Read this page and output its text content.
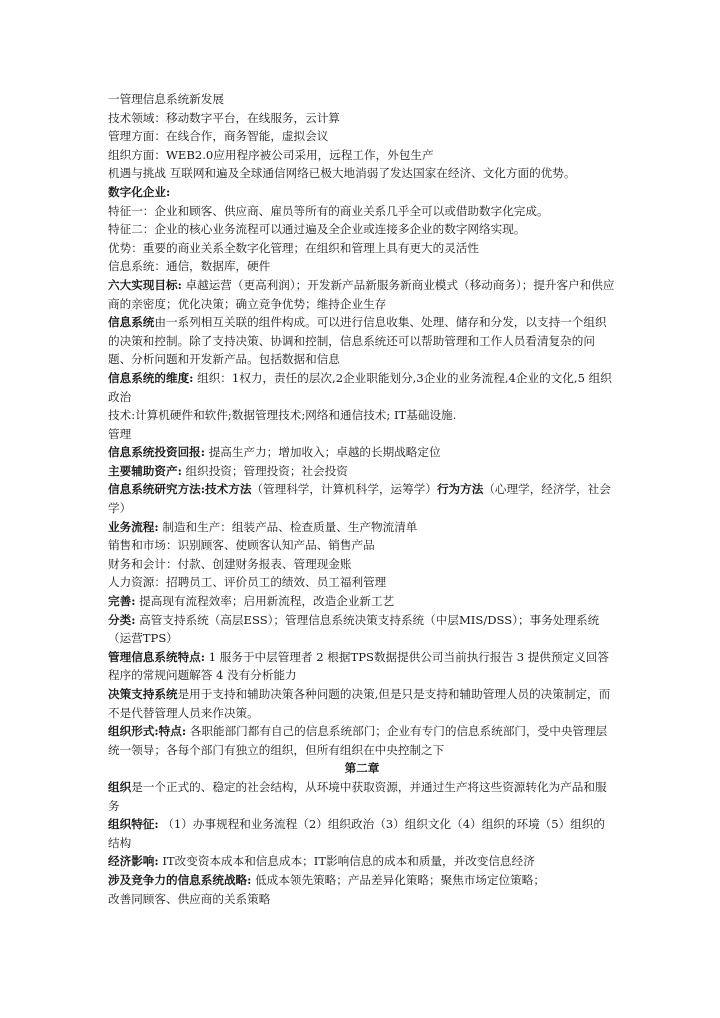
一管理信息系统新发展
技术领域：移动数字平台，在线服务，云计算
管理方面：在线合作，商务智能，虚拟会议
组织方面：WEB2.0应用程序被公司采用，远程工作，外包生产
机遇与挑战 互联网和遍及全球通信网络已极大地消弱了发达国家在经济、文化方面的优势。
数字化企业:
特征一：企业和顾客、供应商、雇员等所有的商业关系几乎全可以或借助数字化完成。
特征二：企业的核心业务流程可以通过遍及全企业或连接多企业的数字网络实现。
优势：重要的商业关系全数字化管理；在组织和管理上具有更大的灵活性
信息系统：通信，数据库，硬件
六大实现目标: 卓越运营（更高利润）；开发新产品新服务新商业模式（移动商务）；提升客户和供应商的亲密度；优化决策；确立竞争优势；维持企业生存
信息系统由一系列相互关联的组件构成。可以进行信息收集、处理、储存和分发，以支持一个组织的决策和控制。除了支持决策、协调和控制，信息系统还可以帮助管理和工作人员看清复杂的问题、分析问题和开发新产品。包括数据和信息
信息系统的维度: 组织：1权力，责任的层次,2企业职能划分,3企业的业务流程,4企业的文化,5 组织政治
技术:计算机硬件和软件;数据管理技术;网络和通信技术; IT基础设施.
管理
信息系统投资回报: 提高生产力；增加收入；卓越的长期战略定位
主要辅助资产: 组织投资；管理投资；社会投资
信息系统研究方法:技术方法（管理科学，计算机科学，运筹学）行为方法（心理学，经济学，社会学）
业务流程: 制造和生产：组装产品、检查质量、生产物流清单
销售和市场：识别顾客、使顾客认知产品、销售产品
财务和会计：付款、创建财务报表、管理现金账
人力资源：招聘员工、评价员工的绩效、员工福利管理
完善: 提高现有流程效率；启用新流程，改造企业新工艺
分类: 高管支持系统（高层ESS）；管理信息系统决策支持系统（中层MIS/DSS）；事务处理系统（运营TPS）
管理信息系统特点: 1 服务于中层管理者 2 根据TPS数据提供公司当前执行报告 3 提供预定义回答程序的常规问题解答 4 没有分析能力
决策支持系统是用于支持和辅助决策各种问题的决策,但是只是支持和辅助管理人员的决策制定，而不是代替管理人员来作决策。
组织形式:特点: 各职能部门都有自己的信息系统部门；企业有专门的信息系统部门，受中央管理层统一领导；各每个部门有独立的组织，但所有组织在中央控制之下
第二章
组织是一个正式的、稳定的社会结构，从环境中获取资源，并通过生产将这些资源转化为产品和服务
组织特征: （1）办事规程和业务流程（2）组织政治（3）组织文化（4）组织的环境（5）组织的结构
经济影响: IT改变资本成本和信息成本；IT影响信息的成本和质量，并改变信息经济
涉及竞争力的信息系统战略: 低成本领先策略；产品差异化策略；聚焦市场定位策略；
改善同顾客、供应商的关系策略
